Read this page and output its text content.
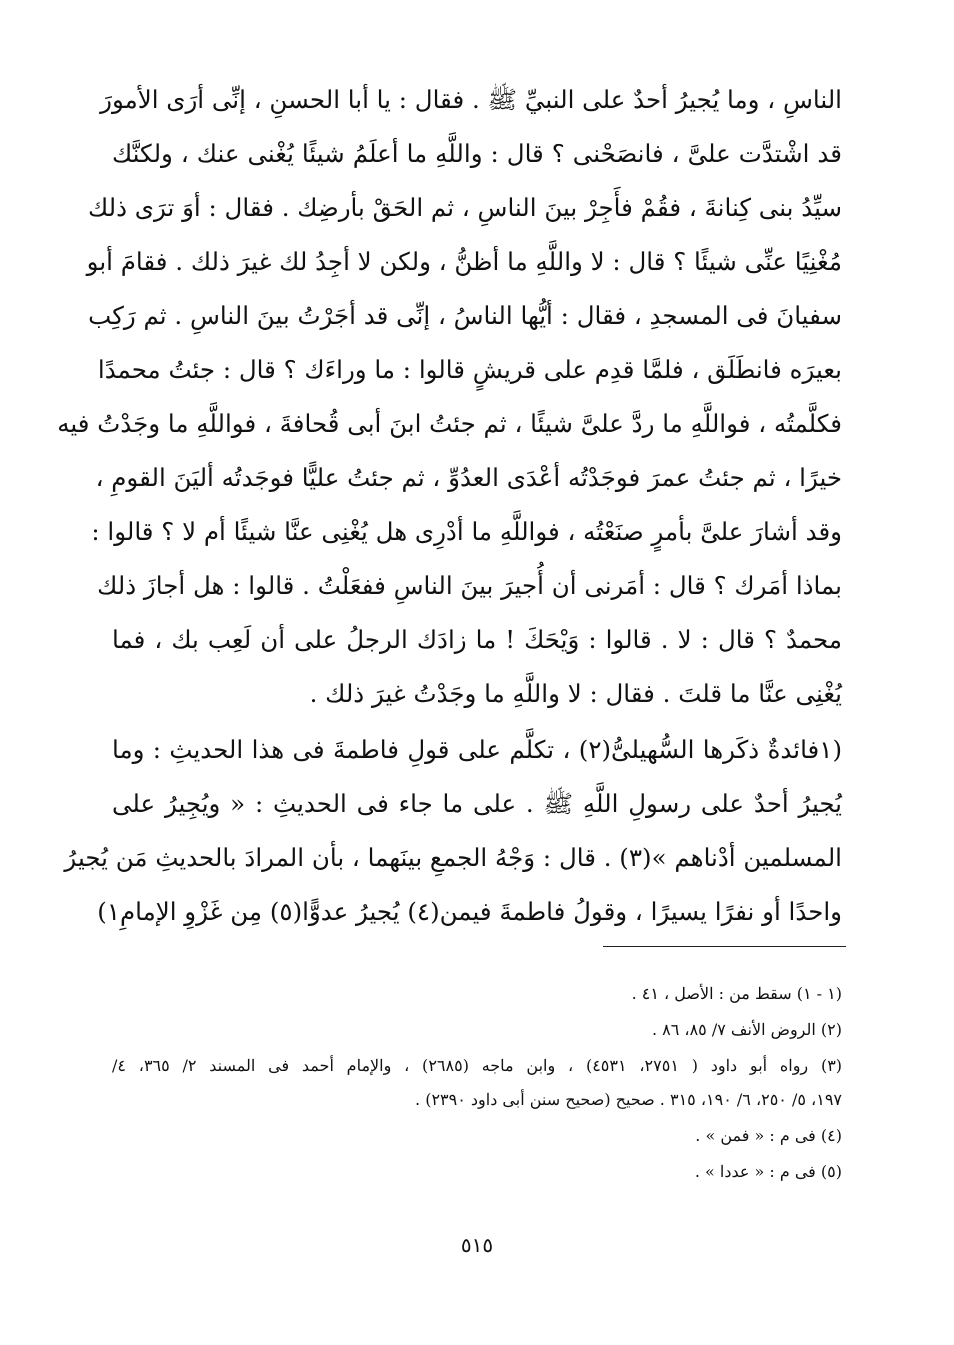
الناسِ ، وما يُجيرُ أحدٌ على النبيِّ ﷺ . فقال : يا أبا الحسنِ ، إنِّى أرَى الأمورَ
قد اشْتدَّت علىَّ ، فانصَحْنى ؟ قال : واللَّهِ ما أعلَمُ شيئًا يُغْنى عنك ، ولكنَّك
سيِّدُ بنى كِنانةَ ، فقُمْ فأَجِرْ بينَ الناسِ ، ثم الحَقْ بأرضِك . فقال : أوَ ترَى ذلك
مُغْنِيًا عنِّى شيئًا ؟ قال : لا واللَّهِ ما أظنُّ ، ولكن لا أجِدُ لك غيرَ ذلك . فقامَ أبو
سفيانَ فى المسجدِ ، فقال : أيُّها الناسُ ، إنِّى قد أجَرْتُ بينَ الناسِ . ثم رَكِب
بعيرَه فانطَلَق ، فلمَّا قدِم على قريشٍ قالوا : ما وراءَك ؟ قال : جئتُ محمدًا
فكلَّمتُه ، فواللَّهِ ما ردَّ علىَّ شيئًا ، ثم جئتُ ابنَ أبى قُحافةَ ، فواللَّهِ ما وجَدْتُ فيه
خيرًا ، ثم جئتُ عمرَ فوجَدْتُه أعْدَى العدُوِّ ، ثم جئتُ عليًّا فوجَدتُه أليَنَ القومِ ،
وقد أشارَ علىَّ بأمرٍ صنَعْتُه ، فواللَّهِ ما أدْرِى هل يُغْنِى عنَّا شيئًا أم لا ؟ قالوا :
بماذا أمَرك ؟ قال : أمَرنى أن أُجيرَ بينَ الناسِ ففعَلْتُ . قالوا : هل أجازَ ذلك
محمدٌ ؟ قال : لا . قالوا : وَيْحَكَ ! ما زادَك الرجلُ على أن لَعِب بك ، فما
يُغْنِى عنَّا ما قلتَ . فقال : لا واللَّهِ ما وجَدْتُ غيرَ ذلك .
(١فائدةٌ ذكَرها السُّهيلىُّ(٢) ، تكلَّم على قولِ فاطمةَ فى هذا الحديثِ : وما
يُجيرُ أحدٌ على رسولِ اللَّهِ ﷺ . على ما جاء فى الحديثِ : « ويُجِيرُ على
المسلمين أدْناهم »(٣) . قال : وَجْهُ الجمعِ بينَهما ، بأن المرادَ بالحديثِ مَن يُجيرُ
واحدًا أو نفرًا يسيرًا ، وقولُ فاطمةَ فيمن(٤) يُجيرُ عدوًّا(٥) مِن غَزْوِ الإمامِ١)
(١ - ١) سقط من : الأصل ، ٤١ .
(٢) الروض الأنف ٧/ ٨٥، ٨٦ .
(٣) رواه أبو داود ( ٢٧٥١، ٤٥٣١) ، وابن ماجه (٢٦٨٥) ، والإمام أحمد فى المسند ٢/ ٣٦٥، ٤/
١٩٧، ٥/ ٢٥٠، ٦/ ١٩٠، ٣١٥ . صحيح (صحيح سنن أبى داود ٢٣٩٠) .
(٤) فى م : « فمن » .
(٥) فى م : « عددا » .
٥١٥
